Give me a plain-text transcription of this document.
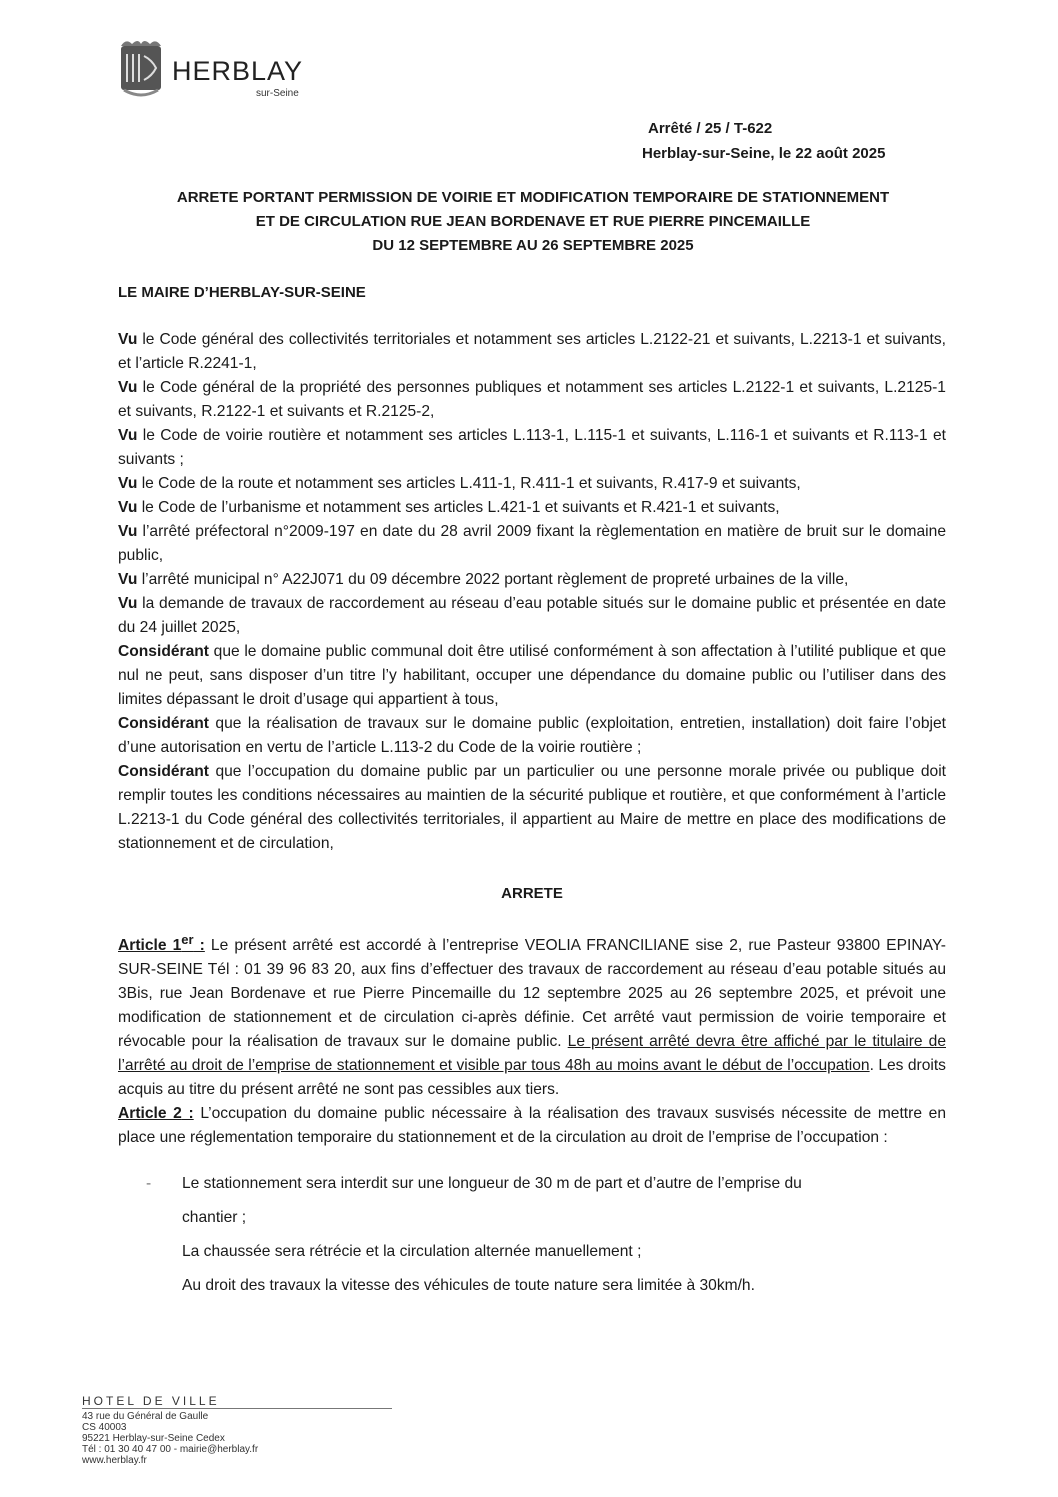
HERBLAY
sur-Seine
Arrêté / 25 / T-622
Herblay-sur-Seine, le 22 août 2025
ARRETE PORTANT PERMISSION DE VOIRIE ET MODIFICATION TEMPORAIRE DE STATIONNEMENT
ET DE CIRCULATION RUE JEAN BORDENAVE ET RUE PIERRE PINCEMAILLE
DU 12 SEPTEMBRE AU 26 SEPTEMBRE 2025
LE MAIRE D’HERBLAY-SUR-SEINE

Vu le Code général des collectivités territoriales et notamment ses articles L.2122-21 et suivants, L.2213-1 et suivants, et l’article R.2241-1,

Vu le Code général de la propriété des personnes publiques et notamment ses articles L.2122-1 et suivants, L.2125-1 et suivants, R.2122-1 et suivants et R.2125-2,

Vu le Code de voirie routière et notamment ses articles L.113-1, L.115-1 et suivants, L.116-1 et suivants et R.113-1 et suivants ;

Vu le Code de la route et notamment ses articles L.411-1, R.411-1 et suivants, R.417-9 et suivants,

Vu le Code de l’urbanisme et notamment ses articles L.421-1 et suivants et R.421-1 et suivants,

Vu l’arrêté préfectoral n°2009-197 en date du 28 avril 2009 fixant la règlementation en matière de bruit sur le domaine public,

Vu l’arrêté municipal n° A22J071 du 09 décembre 2022 portant règlement de propreté urbaines de la ville,

Vu la demande de travaux de raccordement au réseau d’eau potable situés sur le domaine public et présentée en date du 24 juillet 2025,

Considérant que le domaine public communal doit être utilisé conformément à son affectation à l’utilité publique et que nul ne peut, sans disposer d’un titre l’y habilitant, occuper une dépendance du domaine public ou l’utiliser dans des limites dépassant le droit d’usage qui appartient à tous,

Considérant que la réalisation de travaux sur le domaine public (exploitation, entretien, installation) doit faire l’objet d’une autorisation en vertu de l’article L.113-2 du Code de la voirie routière ;

Considérant que l’occupation du domaine public par un particulier ou une personne morale privée ou publique doit remplir toutes les conditions nécessaires au maintien de la sécurité publique et routière, et que conformément à l’article L.2213-1 du Code général des collectivités territoriales, il appartient au Maire de mettre en place des modifications de stationnement et de circulation,

ARRETE

Article 1er : Le présent arrêté est accordé à l’entreprise VEOLIA FRANCILIANE sise 2, rue Pasteur 93800 EPINAY-SUR-SEINE Tél : 01 39 96 83 20, aux fins d’effectuer des travaux de raccordement au réseau d’eau potable situés au 3Bis, rue Jean Bordenave et rue Pierre Pincemaille du 12 septembre 2025 au 26 septembre 2025, et prévoit une modification de stationnement et de circulation ci-après définie. Cet arrêté vaut permission de voirie temporaire et révocable pour la réalisation de travaux sur le domaine public. Le présent arrêté devra être affiché par le titulaire de l’arrêté au droit de l’emprise de stationnement et visible par tous 48h au moins avant le début de l’occupation. Les droits acquis au titre du présent arrêté ne sont pas cessibles aux tiers.

Article 2 : L’occupation du domaine public nécessaire à la réalisation des travaux susvisés nécessite de mettre en place une réglementation temporaire du stationnement et de la circulation au droit de l’emprise de l’occupation :

- Le stationnement sera interdit sur une longueur de 30 m de part et d’autre de l’emprise du
chantier ;
La chaussée sera rétrécie et la circulation alternée manuellement ;
Au droit des travaux la vitesse des véhicules de toute nature sera limitée à 30km/h.
HOTEL DE VILLE
43 rue du Général de Gaulle
CS 40003
95221 Herblay-sur-Seine Cedex
Tél : 01 30 40 47 00 - mairie@herblay.fr
www.herblay.fr
